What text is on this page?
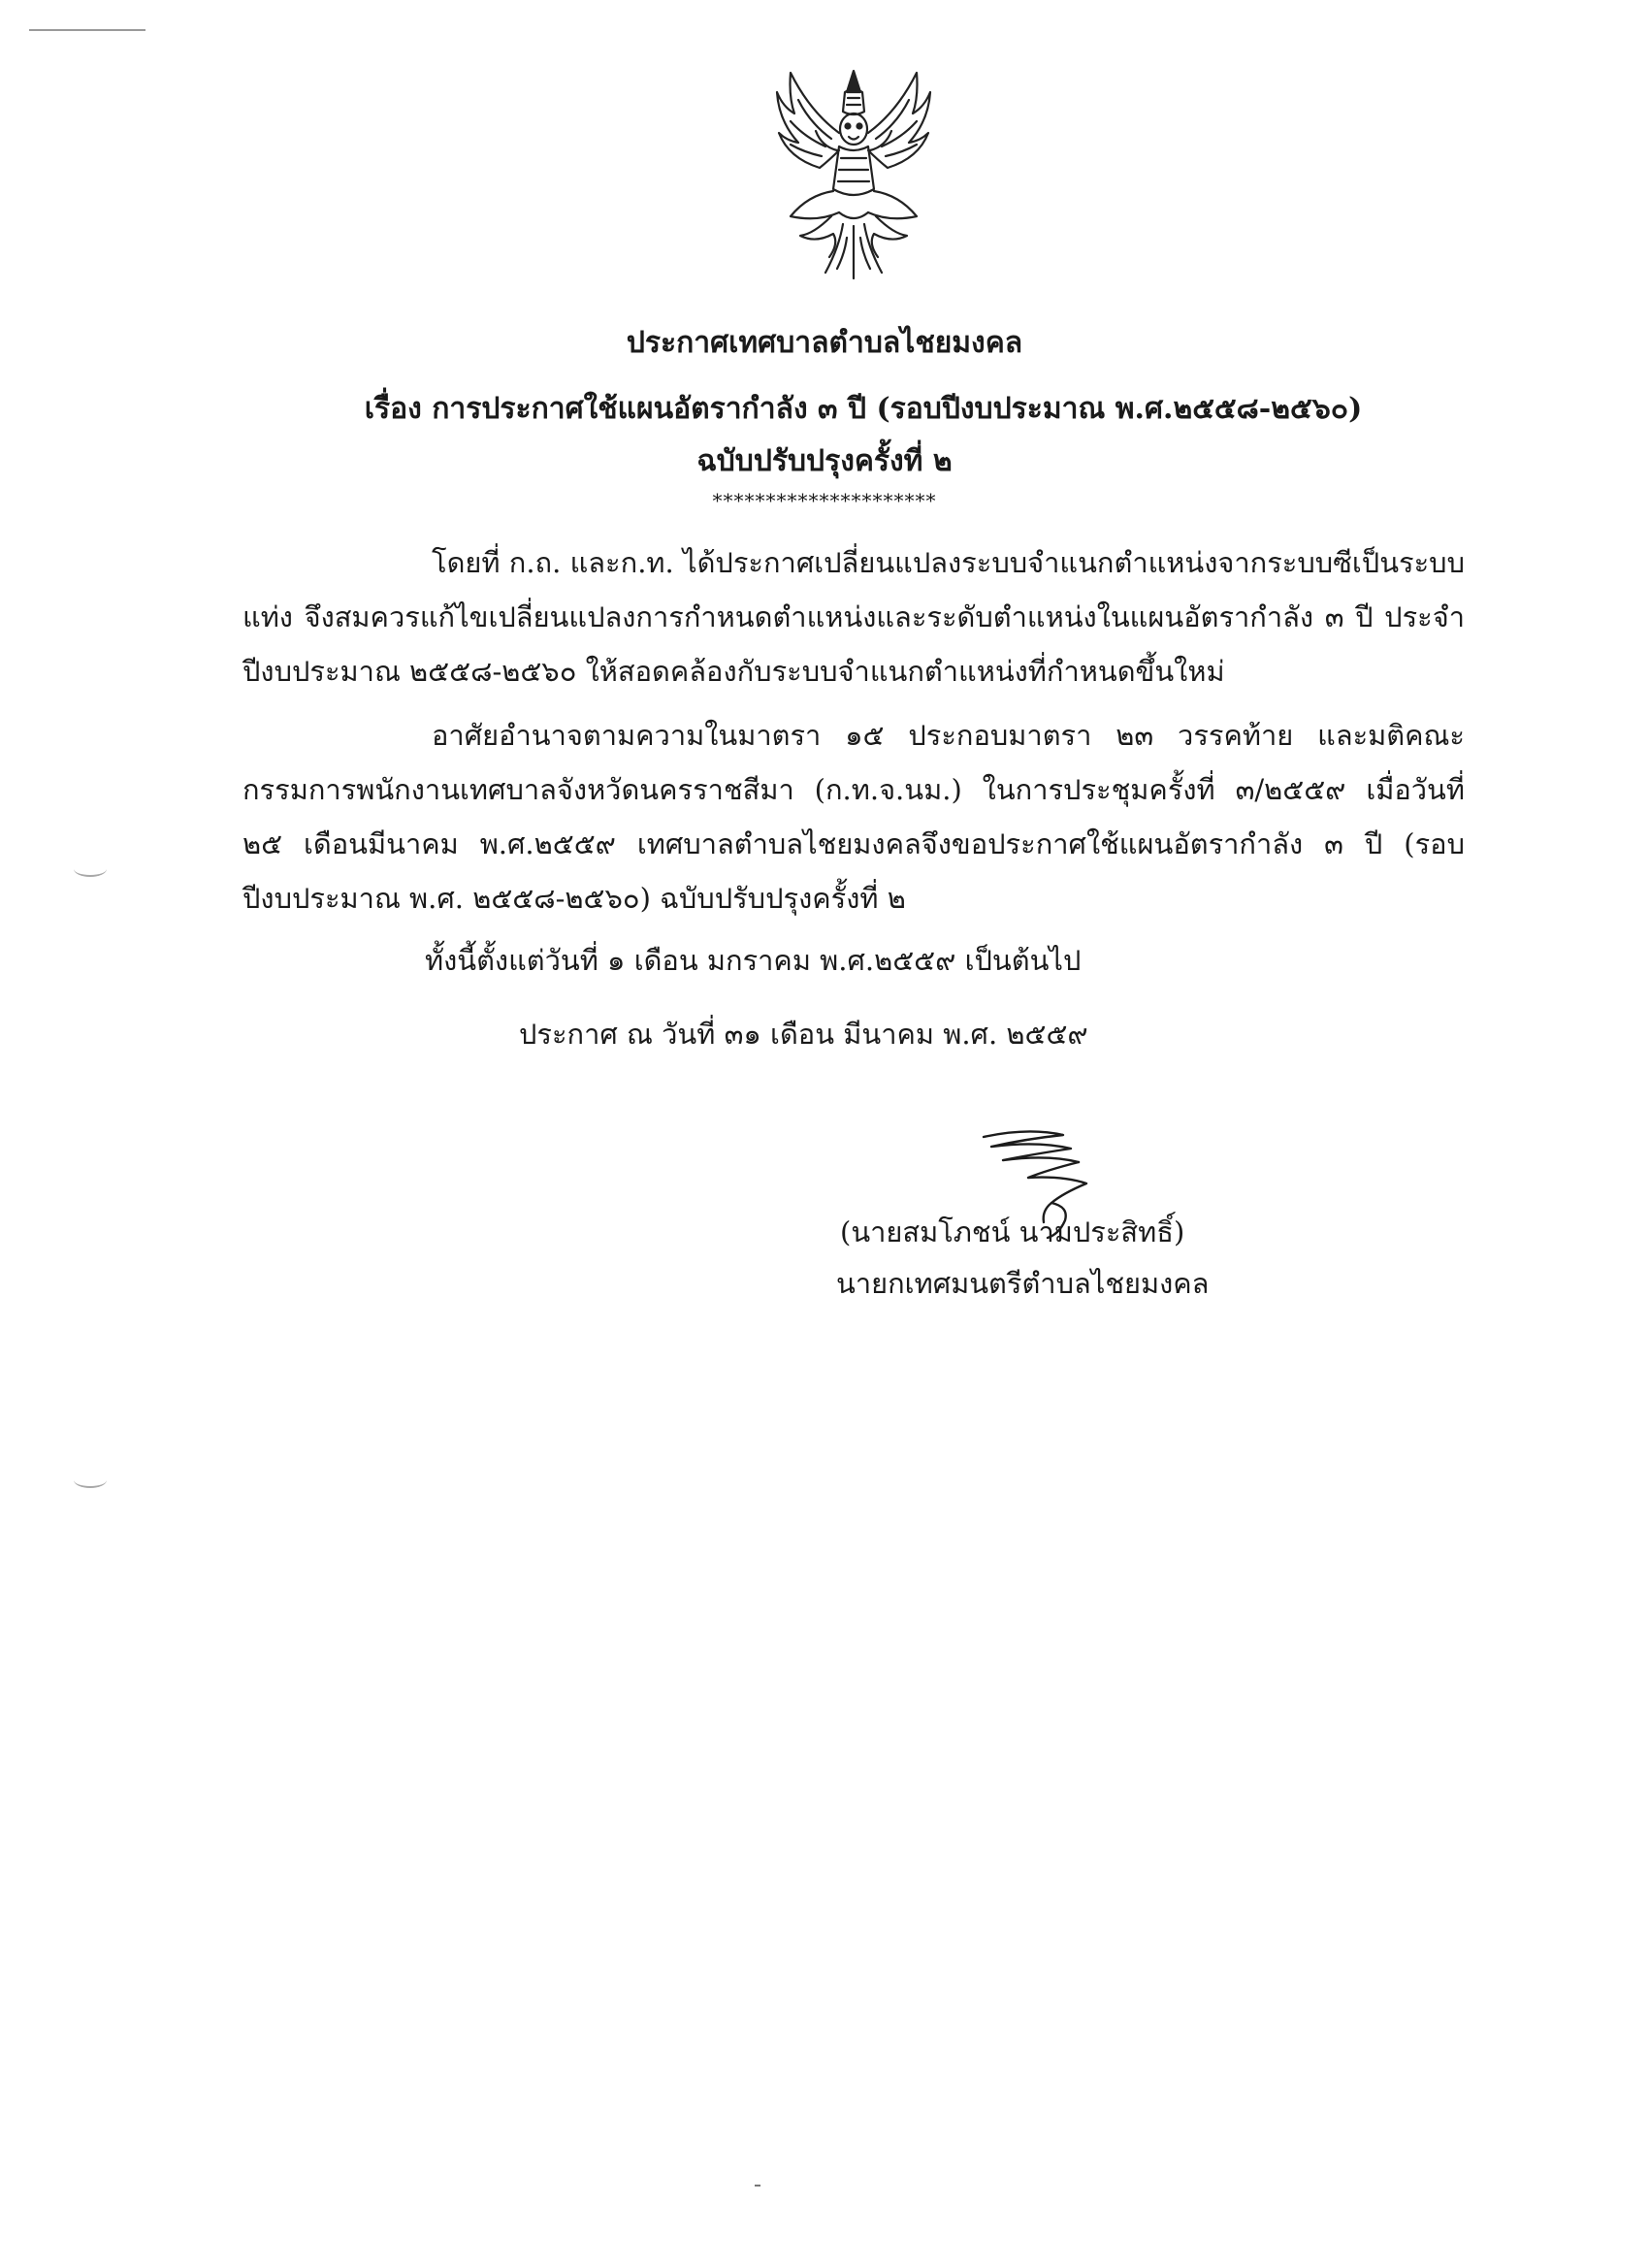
ประกาศเทศบาลตำบลไชยมงคล
เรื่อง การประกาศใช้แผนอัตรากำลัง ๓ ปี (รอบปีงบประมาณ พ.ศ.๒๕๕๘-๒๕๖๐)
ฉบับปรับปรุงครั้งที่ ๒
*********************

โดยที่ ก.ถ. และก.ท. ได้ประกาศเปลี่ยนแปลงระบบจำแนกตำแหน่งจากระบบซีเป็นระบบแท่ง จึงสมควรแก้ไขเปลี่ยนแปลงการกำหนดตำแหน่งและระดับตำแหน่งในแผนอัตรากำลัง ๓ ปี ประจำปีงบประมาณ ๒๕๕๘-๒๕๖๐ ให้สอดคล้องกับระบบจำแนกตำแหน่งที่กำหนดขึ้นใหม่

อาศัยอำนาจตามความในมาตรา ๑๕ ประกอบมาตรา ๒๓ วรรคท้าย และมติคณะกรรมการพนักงานเทศบาลจังหวัดนครราชสีมา (ก.ท.จ.นม.) ในการประชุมครั้งที่ ๓/๒๕๕๙ เมื่อวันที่ ๒๕ เดือนมีนาคม พ.ศ.๒๕๕๙ เทศบาลตำบลไชยมงคลจึงขอประกาศใช้แผนอัตรากำลัง ๓ ปี (รอบปีงบประมาณ พ.ศ. ๒๕๕๘-๒๕๖๐) ฉบับปรับปรุงครั้งที่ ๒

ทั้งนี้ตั้งแต่วันที่ ๑ เดือน มกราคม พ.ศ.๒๕๕๙ เป็นต้นไป

ประกาศ ณ วันที่ ๓๑ เดือน มีนาคม พ.ศ. ๒๕๕๙

(นายสมโภชน์ นามประสิทธิ์)

นายกเทศมนตรีตำบลไชยมงคล
